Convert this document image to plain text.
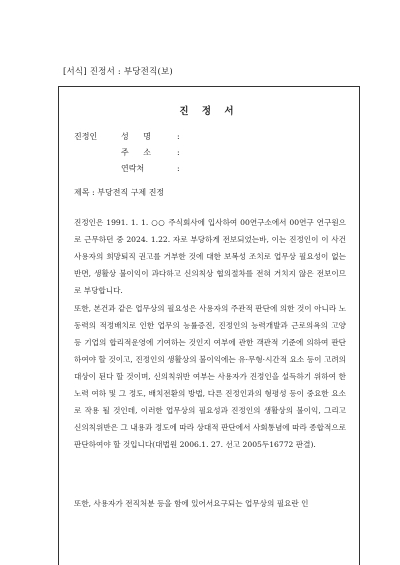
[서식] 진정서 : 부당전직(보)
진 정 서
진정인	성 명	:
주 소	:
연락처	:
제목 : 부당전직 구제 진정

진정인은 1991. 1. 1. ○○ 주식회사에 입사하여 00연구소에서 00연구 연구원으로 근무하던 중 2024. 1.22. 자로 부당하게 전보되었는바, 이는 진정인이 이 사건 사용자의 희망퇴직 권고를 거부한 것에 대한 보복성 조치로 업무상 필요성이 없는 반면, 생활상 불이익이 과다하고 신의칙상 협의절차를 전혀 거치지 않은 전보이므로 부당합니다.

또한, 본건과 같은 업무상의 필요성은 사용자의 주관적 판단에 의한 것이 아니라 노동력의 적정배치로 인한 업무의 능률증진, 진정인의 능력개발과 근로의욕의 고양 등 기업의 합리적운영에 기여하는 것인지 여부에 관한 객관적 기준에 의하여 판단하여야 할 것이고, 진정인의 생활상의 불이익에는 유·무형·시간적 요소 등이 고려의 대상이 된다 할 것이며, 신의칙위반 여부는 사용자가 진정인을 설득하기 위하여 한 노력 여하 및 그 정도, 배치전환의 방법, 다른 진정인과의 형평성 등이 중요한 요소로 작용 될 것인데, 이러한 업무상의 필요성과 진정인의 생활상의 불이익, 그리고 신의칙위반은 그 내용과 정도에 따라 상대적 판단에서 사회통념에 따라 종합적으로 판단하여야 할 것입니다(대법원 2006.1. 27. 선고 2005두16772 판결).

또한, 사용자가 전직처분 등을 함에 있어서요구되는 업무상의 필요란 인
